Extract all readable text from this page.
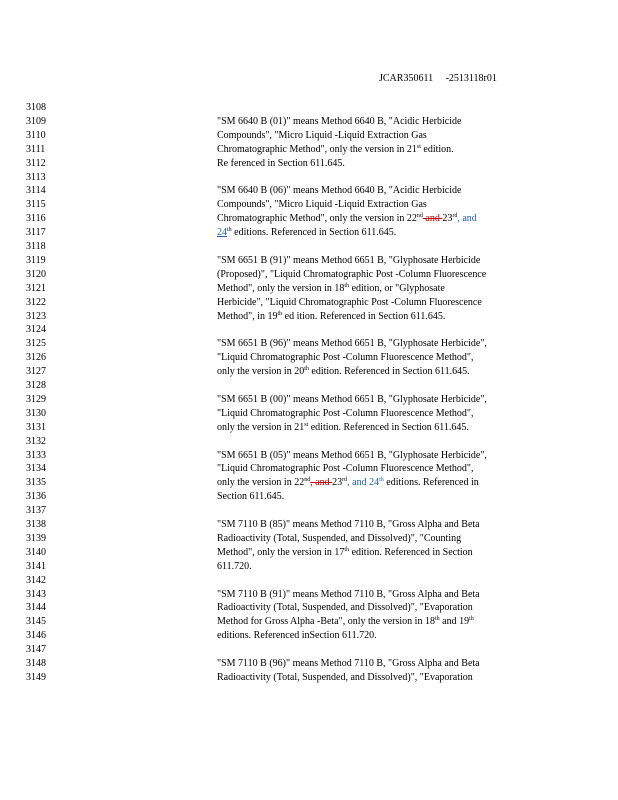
JCAR350611 -2513118r01
3108
3109	"SM 6640 B (01)" means Method 6640 B, "Acidic Herbicide
3110	Compounds", "Micro Liquid -Liquid Extraction Gas
3111	Chromatographic Method", only the version in 21st edition.
3112	Re ferenced in Section 611.645.
3113
3114	"SM 6640 B (06)" means Method 6640 B, "Acidic Herbicide
3115	Compounds", "Micro Liquid -Liquid Extraction Gas
3116	Chromatographic Method", only the version in 22nd and 23rd, and
3117	24th editions. Referenced in Section 611.645.
3118
3119	"SM 6651 B (91)" means Method 6651 B, "Glyphosate Herbicide
3120	(Proposed)", "Liquid Chromatographic Post -Column Fluorescence
3121	Method", only the version in 18th edition, or "Glyphosate
3122	Herbicide", "Liquid Chromatographic Post -Column Fluorescence
3123	Method", in 19th ed ition. Referenced in Section 611.645.
3124
3125	"SM 6651 B (96)" means Method 6651 B, "Glyphosate Herbicide",
3126	"Liquid Chromatographic Post -Column Fluorescence Method",
3127	only the version in 20th edition. Referenced in Section 611.645.
3128
3129	"SM 6651 B (00)" means Method 6651 B, "Glyphosate Herbicide",
3130	"Liquid Chromatographic Post -Column Fluorescence Method",
3131	only the version in 21st edition. Referenced in Section 611.645.
3132
3133	"SM 6651 B (05)" means Method 6651 B, "Glyphosate Herbicide",
3134	"Liquid Chromatographic Post -Column Fluorescence Method",
3135	only the version in 22nd, and 23rd, and 24th editions. Referenced in
3136	Section 611.645.
3137
3138	"SM 7110 B (85)" means Method 7110 B, "Gross Alpha and Beta
3139	Radioactivity (Total, Suspended, and Dissolved)", "Counting
3140	Method", only the version in 17th edition. Referenced in Section
3141	611.720.
3142
3143	"SM 7110 B (91)" means Method 7110 B, "Gross Alpha and Beta
3144	Radioactivity (Total, Suspended, and Dissolved)", "Evaporation
3145	Method for Gross Alpha -Beta", only the version in 18th and 19th
3146	editions. Referenced inSection 611.720.
3147
3148	"SM 7110 B (96)" means Method 7110 B, "Gross Alpha and Beta
3149	Radioactivity (Total, Suspended, and Dissolved)", "Evaporation
